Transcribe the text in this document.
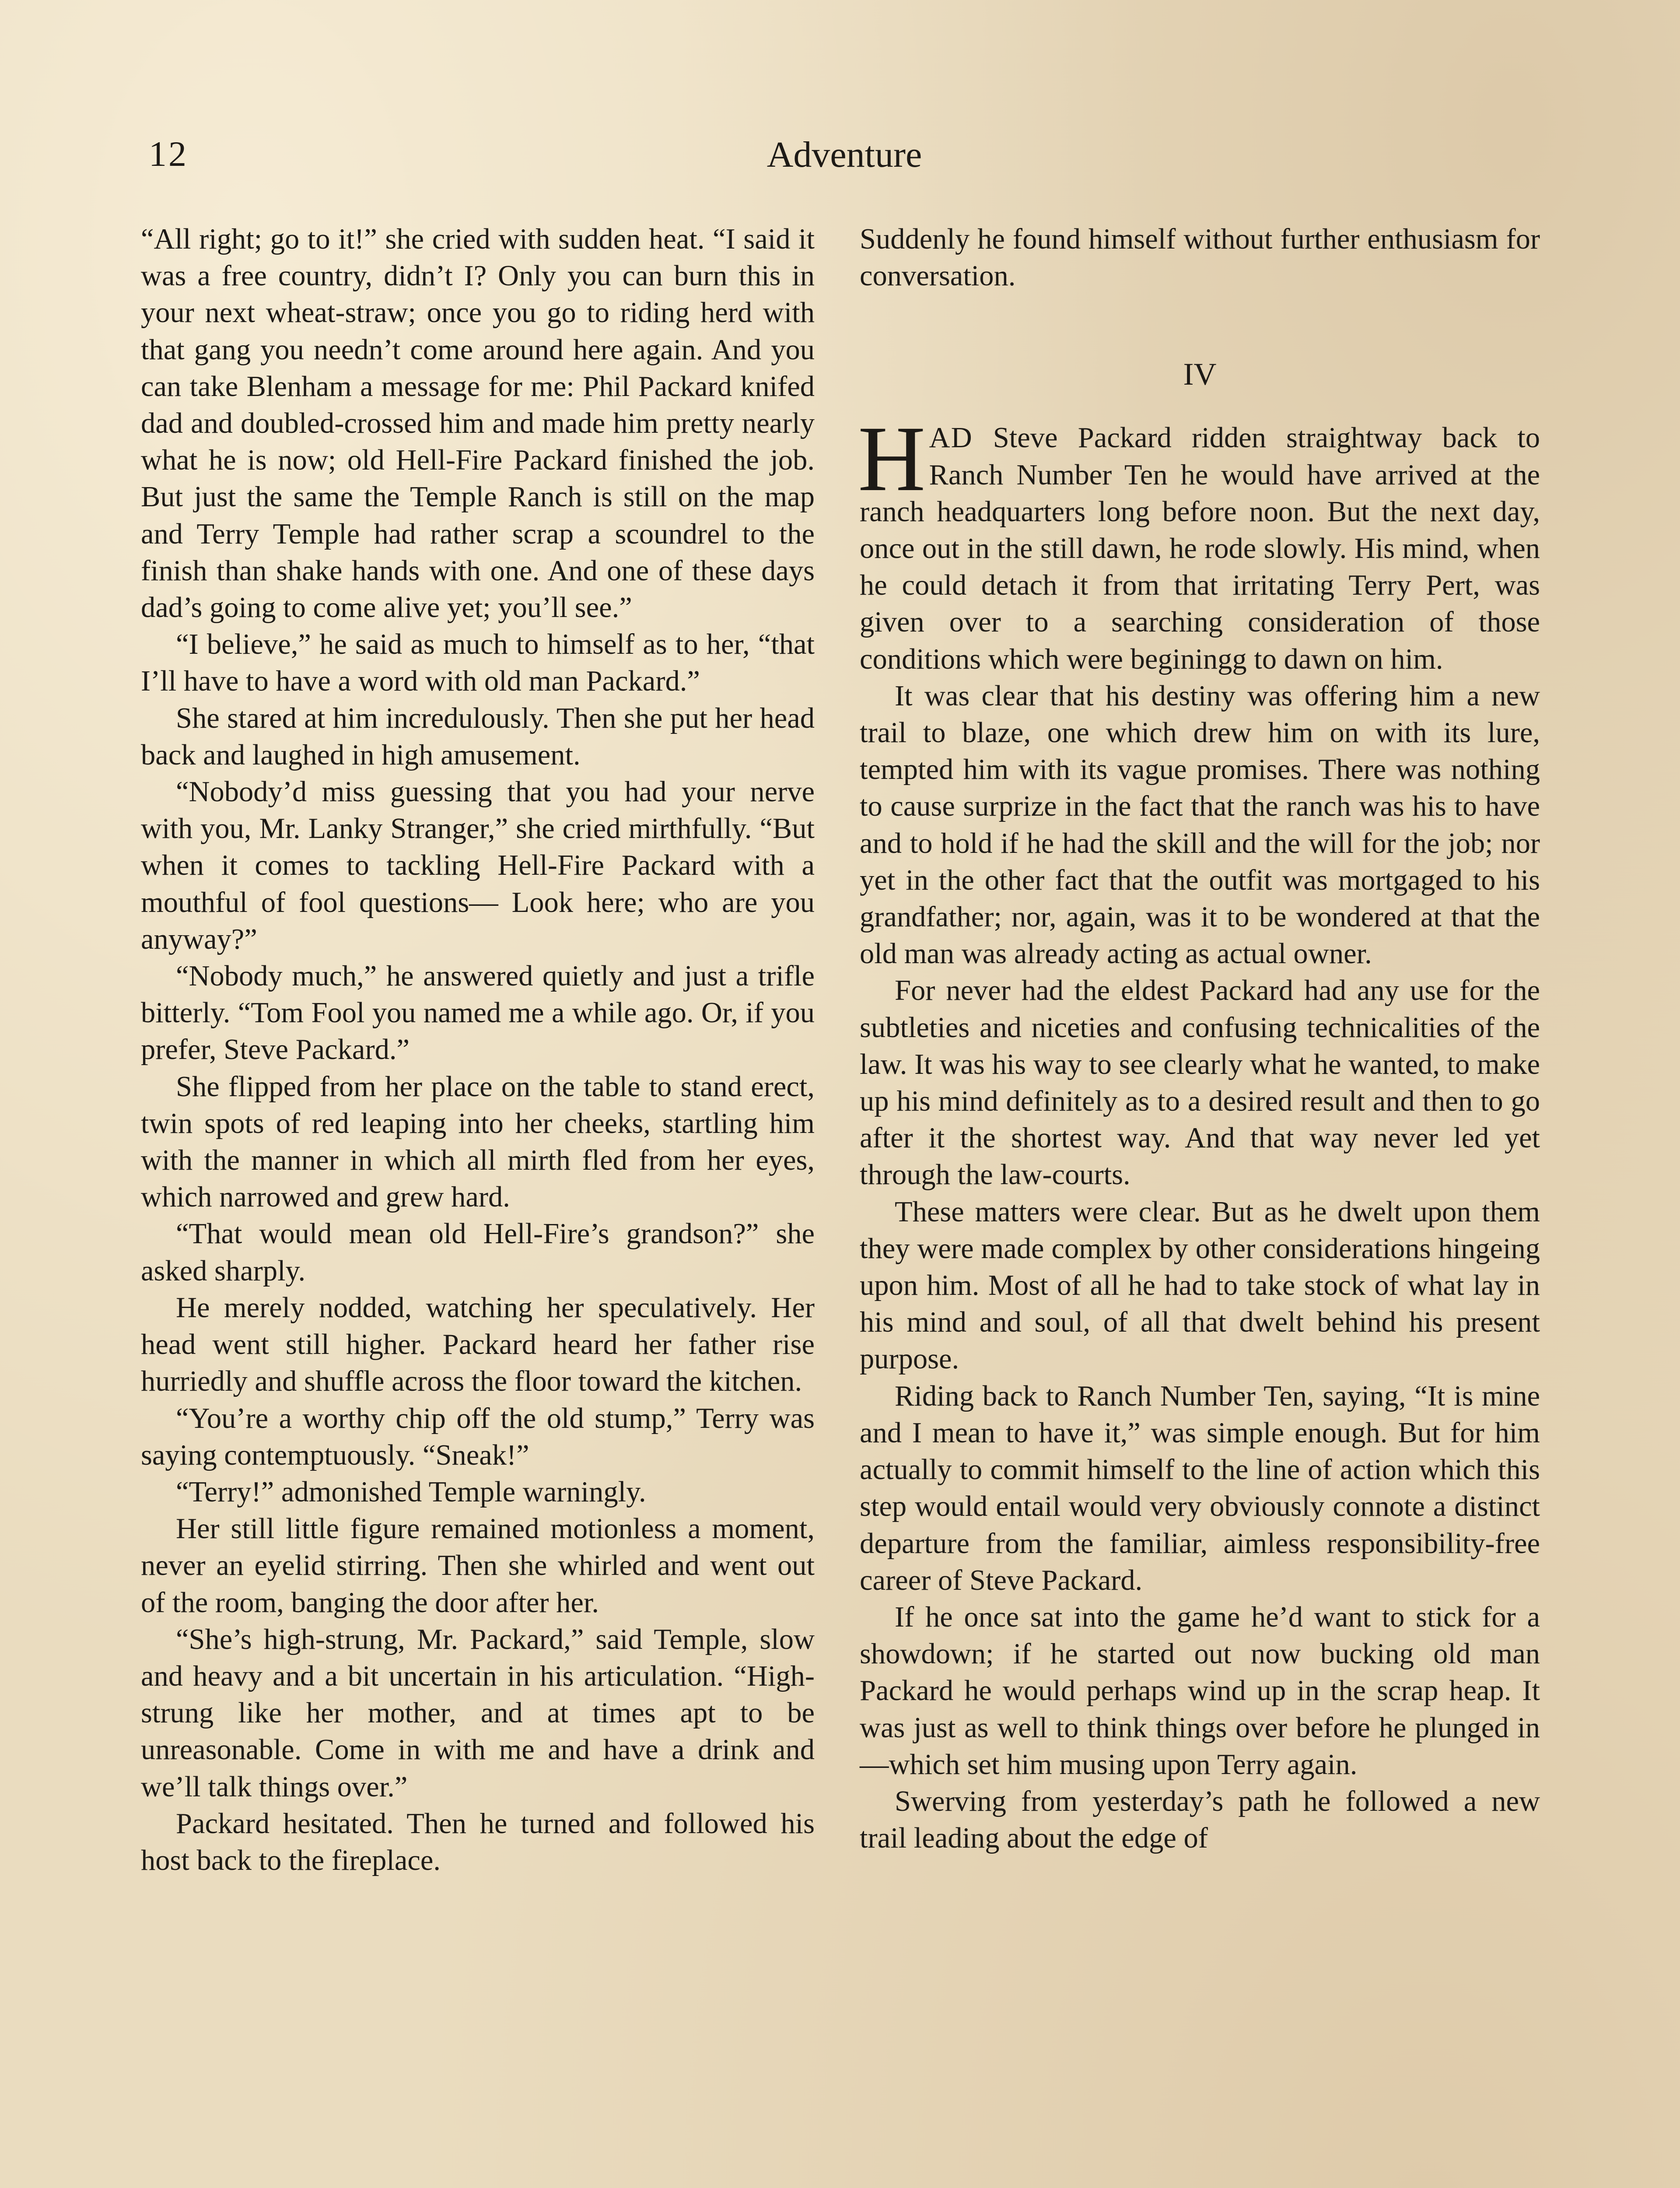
12	Adventure

“All right; go to it!” she cried with sudden heat. “I said it was a free country, didn’t I? Only you can burn this in your next wheat-straw; once you go to riding herd with that gang you needn’t come around here again. And you can take Blenham a message for me: Phil Packard knifed dad and doubled-crossed him and made him pretty nearly what he is now; old Hell-Fire Packard finished the job. But just the same the Temple Ranch is still on the map and Terry Temple had rather scrap a scoundrel to the finish than shake hands with one. And one of these days dad’s going to come alive yet; you’ll see.”

“I believe,” he said as much to himself as to her, “that I’ll have to have a word with old man Packard.”

She stared at him incredulously. Then she put her head back and laughed in high amusement.

“Nobody’d miss guessing that you had your nerve with you, Mr. Lanky Stranger,” she cried mirthfully. “But when it comes to tackling Hell-Fire Packard with a mouthful of fool questions— Look here; who are you anyway?”

“Nobody much,” he answered quietly and just a trifle bitterly. “Tom Fool you named me a while ago. Or, if you prefer, Steve Packard.”

She flipped from her place on the table to stand erect, twin spots of red leaping into her cheeks, startling him with the manner in which all mirth fled from her eyes, which narrowed and grew hard.

“That would mean old Hell-Fire’s grandson?” she asked sharply.

He merely nodded, watching her speculatively. Her head went still higher. Packard heard her father rise hurriedly and shuffle across the floor toward the kitchen.

“You’re a worthy chip off the old stump,” Terry was saying contemptuously. “Sneak!”

“Terry!” admonished Temple warningly.

Her still little figure remained motionless a moment, never an eyelid stirring. Then she whirled and went out of the room, banging the door after her.

“She’s high-strung, Mr. Packard,” said Temple, slow and heavy and a bit uncertain in his articulation. “High-strung like her mother, and at times apt to be unreasonable. Come in with me and have a drink and we’ll talk things over.”

Packard hesitated. Then he turned and followed his host back to the fireplace.

Suddenly he found himself without further enthusiasm for conversation.

IV

HAD Steve Packard ridden straightway back to Ranch Number Ten he would have arrived at the ranch headquarters long before noon. But the next day, once out in the still dawn, he rode slowly. His mind, when he could detach it from that irritating Terry Pert, was given over to a searching consideration of those conditions which were beginingg to dawn on him.

It was clear that his destiny was offering him a new trail to blaze, one which drew him on with its lure, tempted him with its vague promises. There was nothing to cause surprize in the fact that the ranch was his to have and to hold if he had the skill and the will for the job; nor yet in the other fact that the outfit was mortgaged to his grandfather; nor, again, was it to be wondered at that the old man was already acting as actual owner.

For never had the eldest Packard had any use for the subtleties and niceties and confusing technicalities of the law. It was his way to see clearly what he wanted, to make up his mind definitely as to a desired result and then to go after it the shortest way. And that way never led yet through the law-courts.

These matters were clear. But as he dwelt upon them they were made complex by other considerations hingeing upon him. Most of all he had to take stock of what lay in his mind and soul, of all that dwelt behind his present purpose.

Riding back to Ranch Number Ten, saying, “It is mine and I mean to have it,” was simple enough. But for him actually to commit himself to the line of action which this step would entail would very obviously connote a distinct departure from the familiar, aimless responsibility-free career of Steve Packard.

If he once sat into the game he’d want to stick for a showdown; if he started out now bucking old man Packard he would perhaps wind up in the scrap heap. It was just as well to think things over before he plunged in—which set him musing upon Terry again.

Swerving from yesterday’s path he followed a new trail leading about the edge of
